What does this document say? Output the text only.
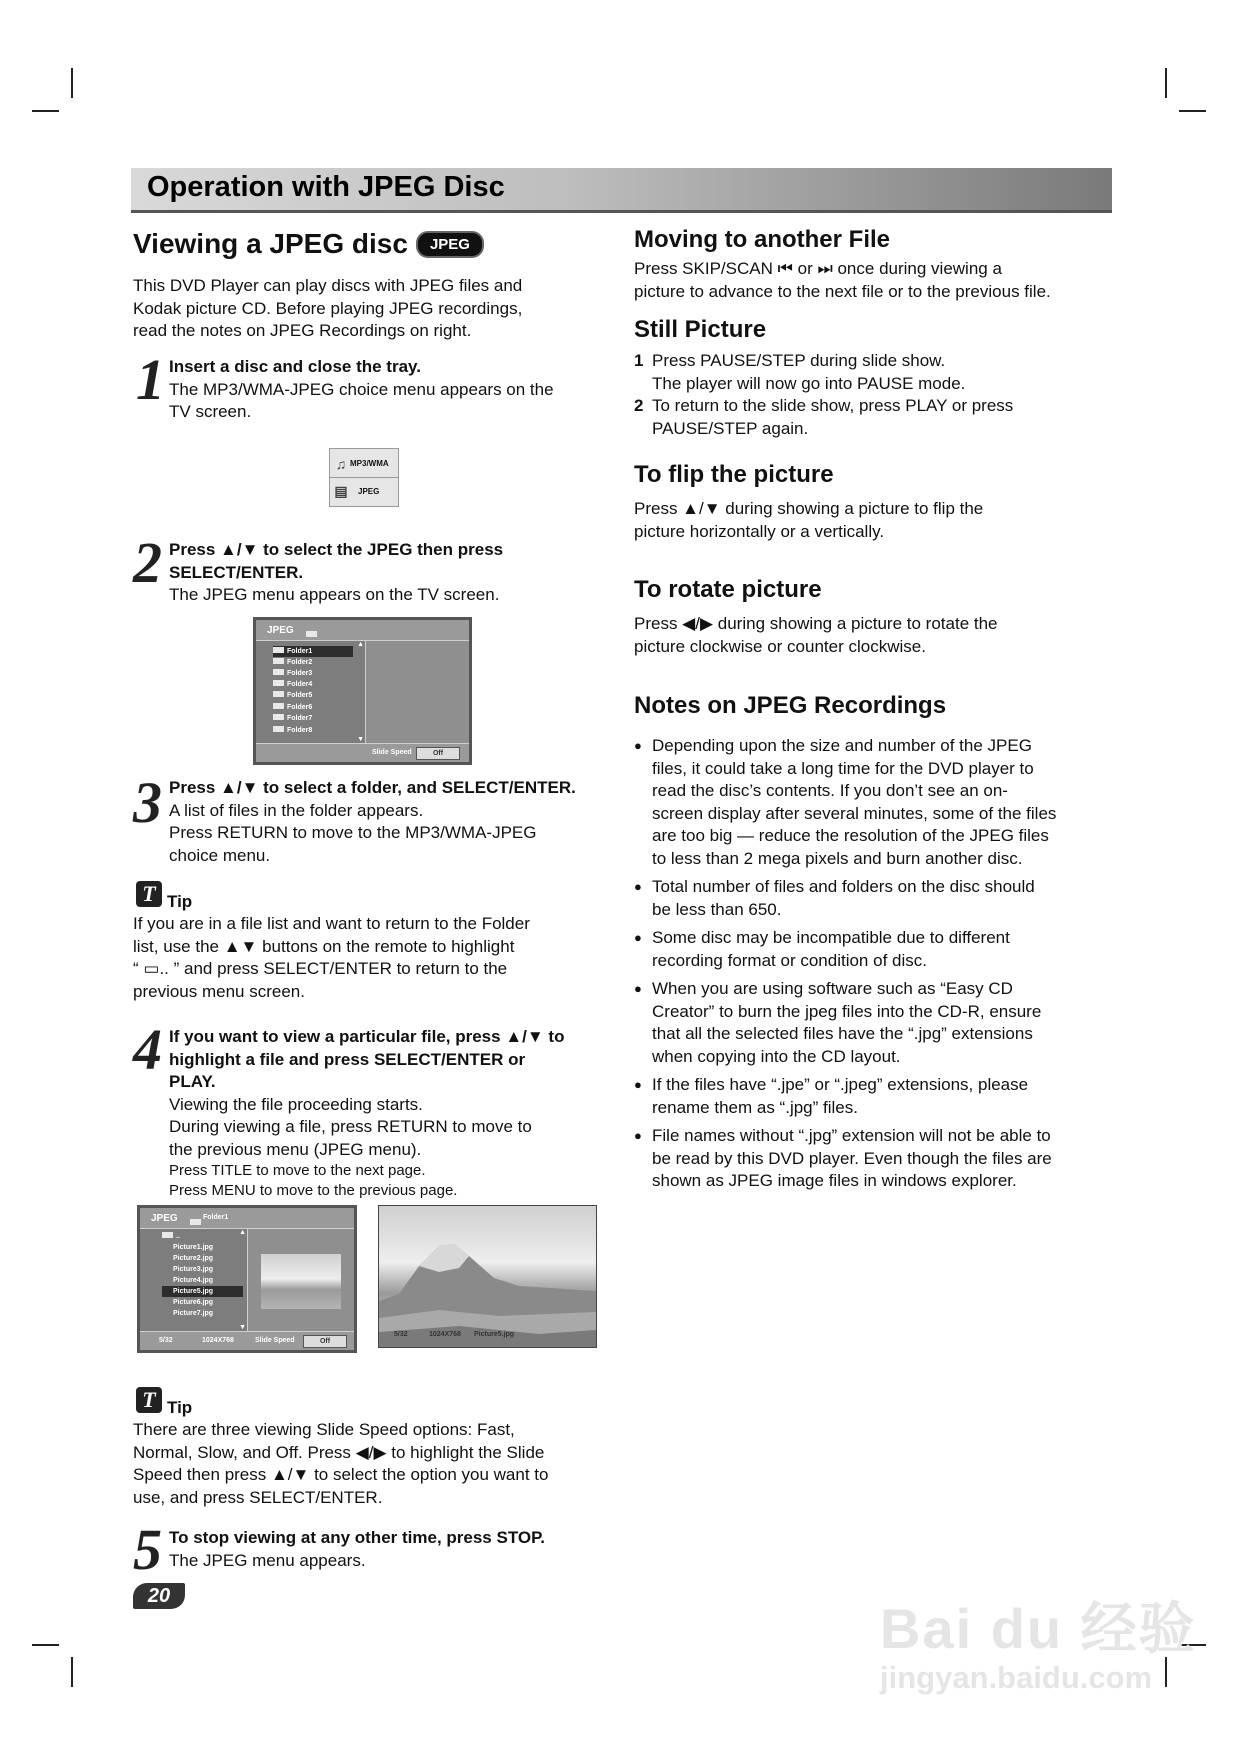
Operation with JPEG Disc
Viewing a JPEG disc JPEG
This DVD Player can play discs with JPEG files and
Kodak picture CD. Before playing JPEG recordings,
read the notes on JPEG Recordings on right.
1 Insert a disc and close the tray.
The MP3/WMA-JPEG choice menu appears on the
TV screen.
♫ MP3/WMA
▤	JPEG
2 Press ▲/▼ to select the JPEG then press
SELECT/ENTER.
The JPEG menu appears on the TV screen.
JPEG
Folder1
Folder2
Folder3
Folder4
Folder5
Folder6
Folder7
Folder8
▲
▼
Slide Speed	Off
3 Press ▲/▼ to select a folder, and SELECT/ENTER.
A list of files in the folder appears.
Press RETURN to move to the MP3/WMA-JPEG
choice menu.
T Tip
If you are in a file list and want to return to the Folder
list, use the ▲▼ buttons on the remote to highlight
“ ▭.. ” and press SELECT/ENTER to return to the
previous menu screen.
4 If you want to view a particular file, press ▲/▼ to
highlight a file and press SELECT/ENTER or
PLAY.
Viewing the file proceeding starts.
During viewing a file, press RETURN to move to
the previous menu (JPEG menu).
Press TITLE to move to the next page.
Press MENU to move to the previous page.
JPEG	Folder1
..
Picture1.jpg
Picture2.jpg
Picture3.jpg
Picture4.jpg
Picture5.jpg
Picture6.jpg
Picture7.jpg
▲
▼
5/32	1024X768	Slide Speed	Off
5/32	1024X768 Picture5.jpg
T Tip
There are three viewing Slide Speed options: Fast,
Normal, Slow, and Off. Press ◀/▶ to highlight the Slide
Speed then press ▲/▼ to select the option you want to
use, and press SELECT/ENTER.
5 To stop viewing at any other time, press STOP.
The JPEG menu appears.
20
Moving to another File
Press SKIP/SCAN ⏮ or ⏭ once during viewing a
picture to advance to the next file or to the previous file.
Still Picture
1 Press PAUSE/STEP during slide show.
The player will now go into PAUSE mode.
2 To return to the slide show, press PLAY or press
PAUSE/STEP again.
To flip the picture
Press ▲/▼ during showing a picture to flip the
picture horizontally or a vertically.
To rotate picture
Press ◀/▶ during showing a picture to rotate the
picture clockwise or counter clockwise.
Notes on JPEG Recordings
● Depending upon the size and number of the JPEG
files, it could take a long time for the DVD player to
read the disc’s contents. If you don’t see an on-
screen display after several minutes, some of the files
are too big — reduce the resolution of the JPEG files
to less than 2 mega pixels and burn another disc.
● Total number of files and folders on the disc should
be less than 650.
● Some disc may be incompatible due to different
recording format or condition of disc.
● When you are using software such as “Easy CD
Creator” to burn the jpeg files into the CD-R, ensure
that all the selected files have the “.jpg” extensions
when copying into the CD layout.
● If the files have “.jpe” or “.jpeg” extensions, please
rename them as “.jpg” files.
● File names without “.jpg” extension will not be able to
be read by this DVD player. Even though the files are
shown as JPEG image files in windows explorer.
Bai du 经验
jingyan.baidu.com
